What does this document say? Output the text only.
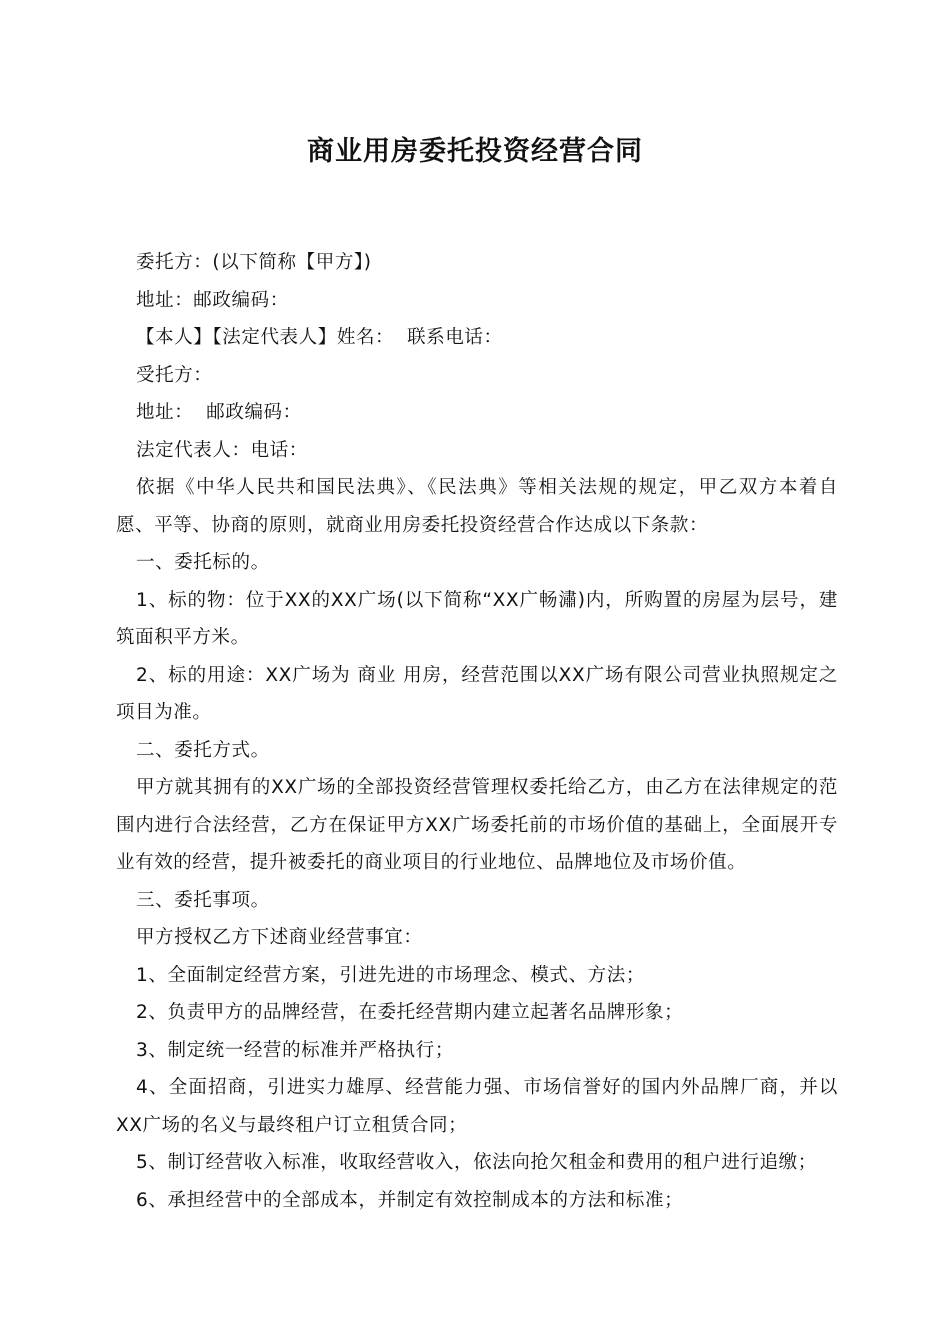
商业用房委托投资经营合同

委托方：(以下简称【甲方】)

地址：邮政编码：

【本人】【法定代表人】姓名：  联系电话：

受托方：

地址：  邮政编码：

法定代表人：电话：

依据《中华人民共和国民法典》、《民法典》等相关法规的规定，甲乙双方本着自愿、平等、协商的原则，就商业用房委托投资经营合作达成以下条款：

一、委托标的。

1、标的物：位于XX的XX广场(以下简称“XX广畅潚)内，所购置的房屋为层号，建筑面积平方米。

2、标的用途：XX广场为 商业 用房，经营范围以XX广场有限公司营业执照规定之项目为准。

二、委托方式。

甲方就其拥有的XX广场的全部投资经营管理权委托给乙方，由乙方在法律规定的范围内进行合法经营，乙方在保证甲方XX广场委托前的市场价值的基础上，全面展开专业有效的经营，提升被委托的商业项目的行业地位、品牌地位及市场价值。

三、委托事项。

甲方授权乙方下述商业经营事宜：

1、全面制定经营方案，引进先进的市场理念、模式、方法；

2、负责甲方的品牌经营，在委托经营期内建立起著名品牌形象；

3、制定统一经营的标准并严格执行；

4、全面招商，引进实力雄厚、经营能力强、市场信誉好的国内外品牌厂商，并以XX广场的名义与最终租户订立租赁合同；

5、制订经营收入标准，收取经营收入，依法向抢欠租金和费用的租户进行追缴；

6、承担经营中的全部成本，并制定有效控制成本的方法和标准；
